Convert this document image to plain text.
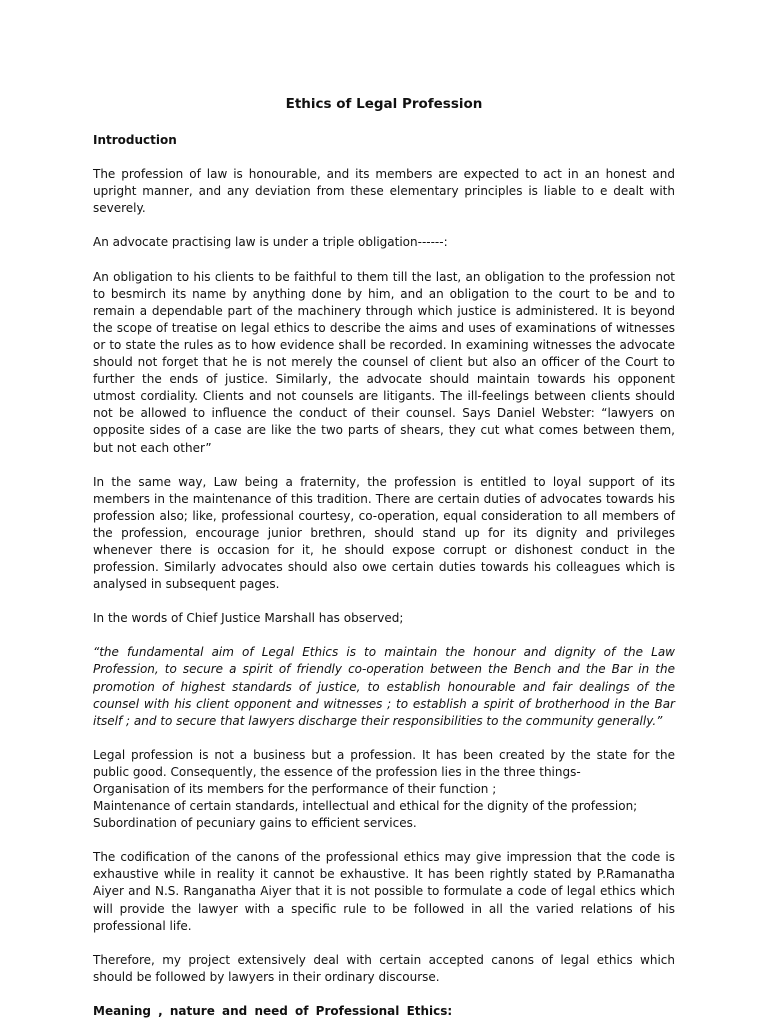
Ethics of Legal Profession
Introduction

The profession of law is honourable, and its members are expected to act in an honest and upright manner, and any deviation from these elementary principles is liable to e dealt with severely.

An advocate practising law is under a triple obligation------:

An obligation to his clients to be faithful to them till the last, an obligation to the profession not to besmirch its name by anything done by him, and an obligation to the court to be and to remain a dependable part of the machinery through which justice is administered. It is beyond the scope of treatise on legal ethics to describe the aims and uses of examinations of witnesses or to state the rules as to how evidence shall be recorded. In examining witnesses the advocate should not forget that he is not merely the counsel of client but also an officer of the Court to further the ends of justice. Similarly, the advocate should maintain towards his opponent utmost cordiality. Clients and not counsels are litigants. The ill-feelings between clients should not be allowed to influence the conduct of their counsel. Says Daniel Webster: “lawyers on opposite sides of a case are like the two parts of shears, they cut what comes between them, but not each other”

In the same way, Law being a fraternity, the profession is entitled to loyal support of its members in the maintenance of this tradition. There are certain duties of advocates towards his profession also; like, professional courtesy, co-operation, equal consideration to all members of the profession, encourage junior brethren, should stand up for its dignity and privileges whenever there is occasion for it, he should expose corrupt or dishonest conduct in the profession. Similarly advocates should also owe certain duties towards his colleagues which is analysed in subsequent pages.

In the words of Chief Justice Marshall has observed;

“the fundamental aim of Legal Ethics is to maintain the honour and dignity of the Law Profession, to secure a spirit of friendly co-operation between the Bench and the Bar in the promotion of highest standards of justice, to establish honourable and fair dealings of the counsel with his client opponent and witnesses ; to establish a spirit of brotherhood in the Bar itself ; and to secure that lawyers discharge their responsibilities to the community generally.”

Legal profession is not a business but a profession. It has been created by the state for the public good. Consequently, the essence of the profession lies in the three things-
Organisation of its members for the performance of their function ;
Maintenance of certain standards, intellectual and ethical for the dignity of the profession;
Subordination of pecuniary gains to efficient services.

The codification of the canons of the professional ethics may give impression that the code is exhaustive while in reality it cannot be exhaustive. It has been rightly stated by P.Ramanatha Aiyer and N.S. Ranganatha Aiyer that it is not possible to formulate a code of legal ethics which will provide the lawyer with a specific rule to be followed in all the varied relations of his professional life.

Therefore, my project extensively deal with certain accepted canons of legal ethics which should be followed by lawyers in their ordinary discourse.

Meaning , nature and need of Professional Ethics:
